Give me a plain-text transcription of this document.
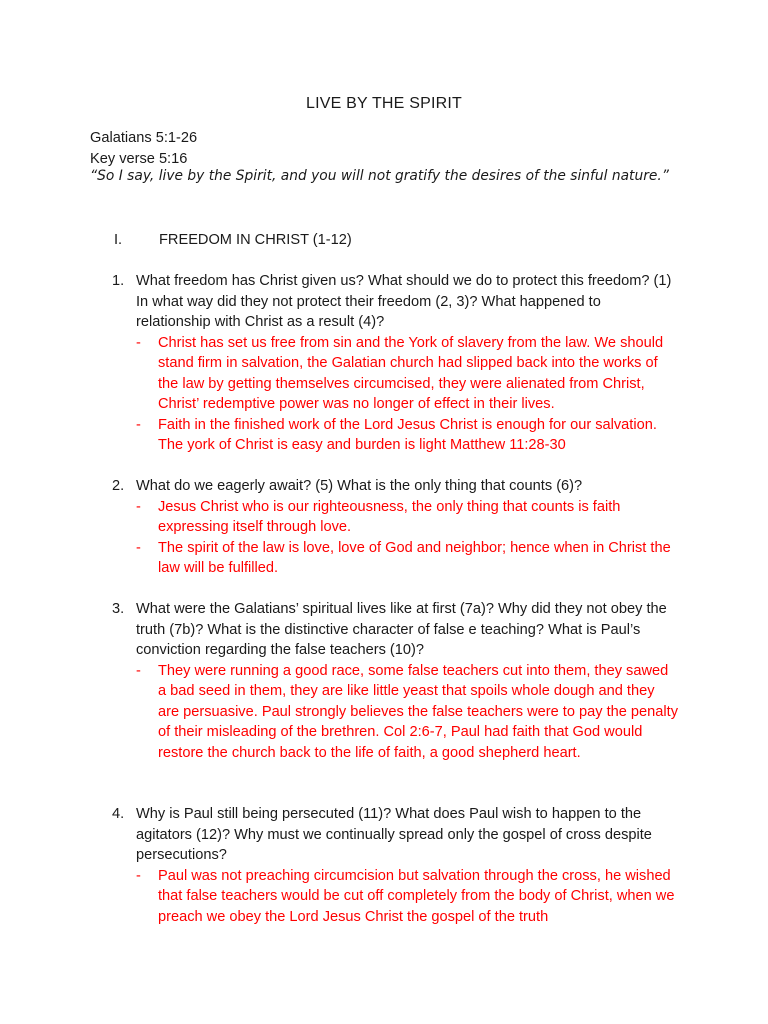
LIVE BY THE SPIRIT
Galatians 5:1-26
Key verse 5:16
“So I say, live by the Spirit, and you will not gratify the desires of the sinful nature.”
I.	FREEDOM IN CHRIST (1-12)
1. What freedom has Christ given us? What should we do to protect this freedom? (1) In what way did they not protect their freedom (2, 3)? What happened to relationship with Christ as a result (4)?
- Christ has set us free from sin and the York of slavery from the law. We should stand firm in salvation, the Galatian church had slipped back into the works of the law by getting themselves circumcised, they were alienated from Christ, Christ’ redemptive power was no longer of effect in their lives.
- Faith in the finished work of the Lord Jesus Christ is enough for our salvation. The york of Christ is easy and burden is light Matthew 11:28-30
2. What do we eagerly await? (5) What is the only thing that counts (6)?
- Jesus Christ who is our righteousness, the only thing that counts is faith expressing itself through love.
- The spirit of the law is love, love of God and neighbor; hence when in Christ the law will be fulfilled.
3. What were the Galatians’ spiritual lives like at first (7a)? Why did they not obey the truth (7b)? What is the distinctive character of false e teaching? What is Paul’s conviction regarding the false teachers (10)?
- They were running a good race, some false teachers cut into them, they sawed a bad seed in them, they are like little yeast that spoils whole dough and they are persuasive. Paul strongly believes the false teachers were to pay the penalty of their misleading of the brethren. Col 2:6-7, Paul had faith that God would restore the church back to the life of faith, a good shepherd heart.
4. Why is Paul still being persecuted (11)? What does Paul wish to happen to the agitators (12)? Why must we continually spread only the gospel of cross despite persecutions?
- Paul was not preaching circumcision but salvation through the cross, he wished that false teachers would be cut off completely from the body of Christ, when we preach we obey the Lord Jesus Christ the gospel of the truth
